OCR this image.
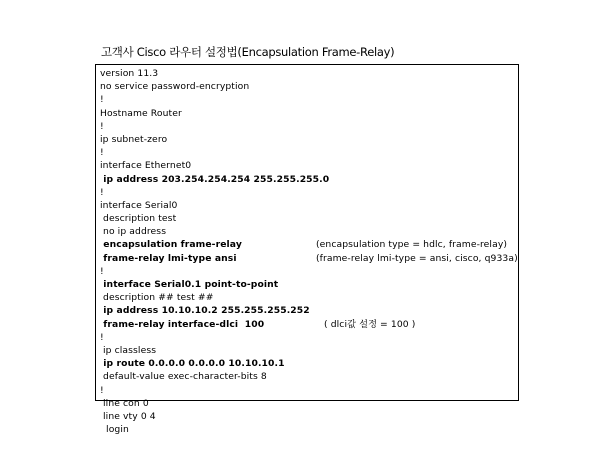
고객사 Cisco 라우터 설정법(Encapsulation Frame-Relay)
version 11.3
no service password-encryption
!
Hostname Router
!
ip subnet-zero
!
interface Ethernet0
ip address 203.254.254.254 255.255.255.0
!
interface Serial0
description test
no ip address
encapsulation frame-relay	(encapsulation type = hdlc, frame-relay)
frame-relay lmi-type ansi	(frame-relay lmi-type = ansi, cisco, q933a)
!
interface Serial0.1 point-to-point
description ## test ##
ip address 10.10.10.2 255.255.255.252
frame-relay interface-dlci  100	( dlci값 설정 = 100 )
!
ip classless
ip route 0.0.0.0 0.0.0.0 10.10.10.1
default-value exec-character-bits 8
!
line con 0
line vty 0 4
login
